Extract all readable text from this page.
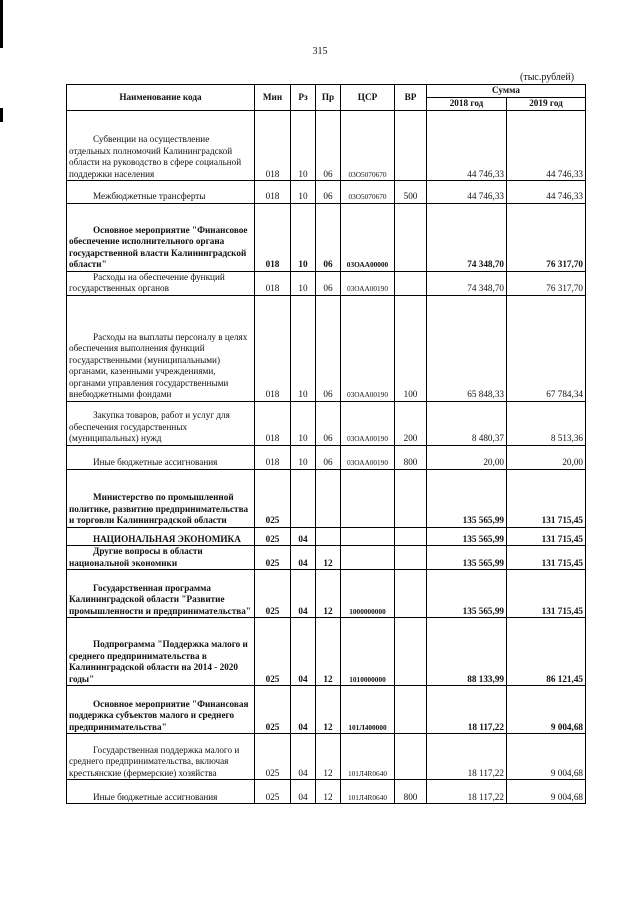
315
(тыс.рублей)
Наименование кода	Мин	Рз	Пр	ЦСР	ВР	Сумма	
						2018 год	2019 год
Субвенции на осуществление отдельных полномочий Калининградской области на руководство в сфере социальной поддержки населения	018	10	06	03О5070670		44 746,33	44 746,33
Межбюджетные трансферты	018	10	06	03О5070670	500	44 746,33	44 746,33
Основное мероприятие "Финансовое обеспечение исполнительного органа государственной власти Калининградской области"	018	10	06	03ОАА00000		74 348,70	76 317,70
Расходы на обеспечение функций государственных органов	018	10	06	03ОАА00190		74 348,70	76 317,70
Расходы на выплаты персоналу в целях обеспечения выполнения функций государственными (муниципальными) органами, казенными учреждениями, органами управления государственными внебюджетными фондами	018	10	06	03ОАА00190	100	65 848,33	67 784,34
Закупка товаров, работ и услуг для обеспечения государственных (муниципальных) нужд	018	10	06	03ОАА00190	200	8 480,37	8 513,36
Иные бюджетные ассигнования	018	10	06	03ОАА00190	800	20,00	20,00
Министерство по промышленной политике, развитию предпринимательства и торговли Калининградской области	025					135 565,99	131 715,45
НАЦИОНАЛЬНАЯ ЭКОНОМИКА	025	04				135 565,99	131 715,45
Другие вопросы в области национальной экономики	025	04	12			135 565,99	131 715,45
Государственная программа Калининградской области "Развитие промышленности и предпринимательства"	025	04	12	1000000000		135 565,99	131 715,45
Подпрограмма "Поддержка малого и среднего предпринимательства в Калининградской области на 2014 - 2020 годы"	025	04	12	1010000000		88 133,99	86 121,45
Основное мероприятие "Финансовая поддержка субъектов малого и среднего предпринимательства"	025	04	12	101Л400000		18 117,22	9 004,68
Государственная поддержка малого и среднего предпринимательства, включая крестьянские (фермерские) хозяйства	025	04	12	101Л4R0640		18 117,22	9 004,68
Иные бюджетные ассигнования	025	04	12	101Л4R0640	800	18 117,22	9 004,68
